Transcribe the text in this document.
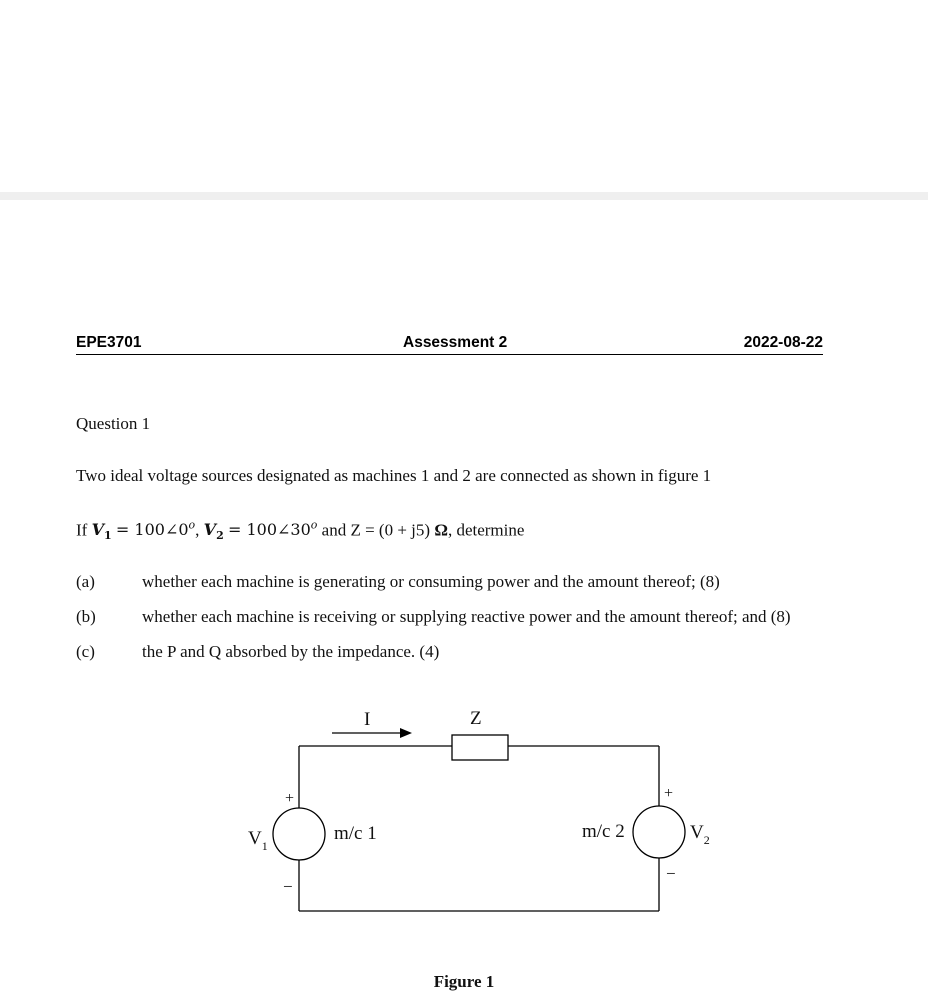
EPE3701	Assessment 2	2022-08-22
Question 1
Two ideal voltage sources designated as machines 1 and 2 are connected as shown in figure 1
If $V_1$ = $100\angle 0^o$, $V_2$ = $100\angle 30^o$ and Z = (0 + j5) Ω, determine
(a)	whether each machine is generating or consuming power and the amount thereof; (8)
(b)	whether each machine is receiving or supplying reactive power and the amount thereof; and (8)
(c)	the P and Q absorbed by the impedance. (4)
I	Z
+
−
$V_1$
m/c 1
+
−
$V_2$
m/c 2
Figure 1
